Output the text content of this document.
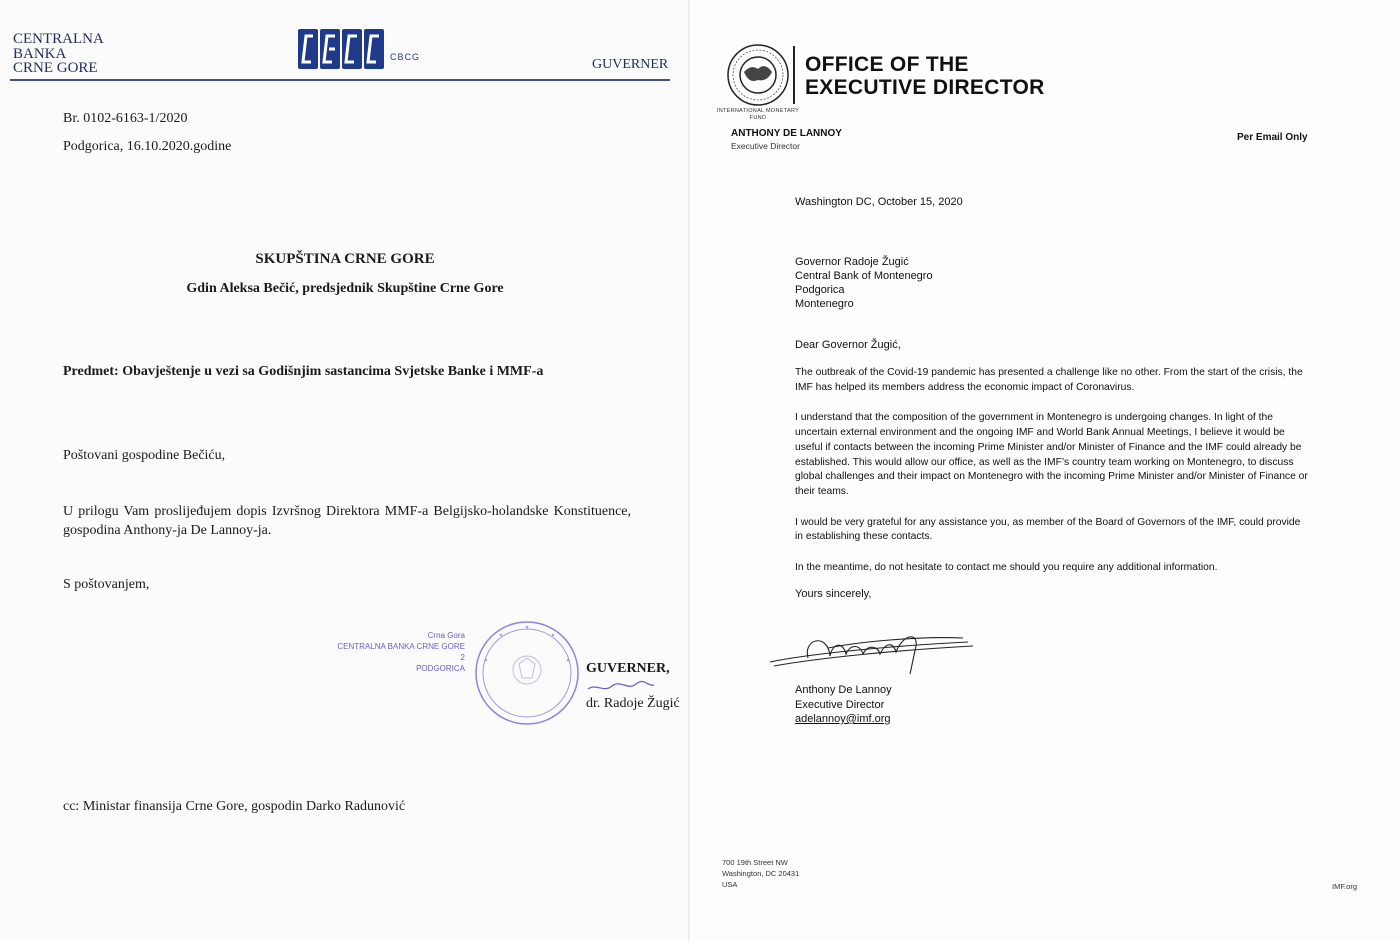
CENTRALNA
BANKA
CRNE GORE
CBCG	GUVERNER
Br. 0102-6163-1/2020
Podgorica, 16.10.2020.godine
SKUPŠTINA CRNE GORE
Gdin Aleksa Bečić, predsjednik Skupštine Crne Gore
Predmet: Obavještenje u vezi sa Godišnjim sastancima Svjetske Banke i MMF-a
Poštovani gospodine Bečiću,
U prilogu Vam proslijeđujem dopis Izvršnog Direktora MMF-a Belgijsko-holandske Konstituence, gospodina Anthony-ja De Lannoy-ja.
S poštovanjem,
Crna Gora
CENTRALNA BANKA CRNE GORE
2
PODGORICA	GUVERNER,
dr. Radoje Žugić
cc: Ministar finansija Crne Gore, gospodin Darko Radunović
INTERNATIONAL MONETARY FUND
OFFICE OF THE
EXECUTIVE DIRECTOR
ANTHONY DE LANNOY
Executive Director
Per Email Only
Washington DC, October 15, 2020
Governor Radoje Žugić
Central Bank of Montenegro
Podgorica
Montenegro
Dear Governor Žugić,

The outbreak of the Covid-19 pandemic has presented a challenge like no other. From the start of the crisis, the IMF has helped its members address the economic impact of Coronavirus.

I understand that the composition of the government in Montenegro is undergoing changes. In light of the uncertain external environment and the ongoing IMF and World Bank Annual Meetings, I believe it would be useful if contacts between the incoming Prime Minister and/or Minister of Finance and the IMF could already be established. This would allow our office, as well as the IMF’s country team working on Montenegro, to discuss global challenges and their impact on Montenegro with the incoming Prime Minister and/or Minister of Finance or their teams.

I would be very grateful for any assistance you, as member of the Board of Governors of the IMF, could provide in establishing these contacts.

In the meantime, do not hesitate to contact me should you require any additional information.

Yours sincerely,
Anthony De Lannoy
Executive Director
adelannoy@imf.org
700 19th Street NW
Washington, DC 20431
USA	IMF.org
